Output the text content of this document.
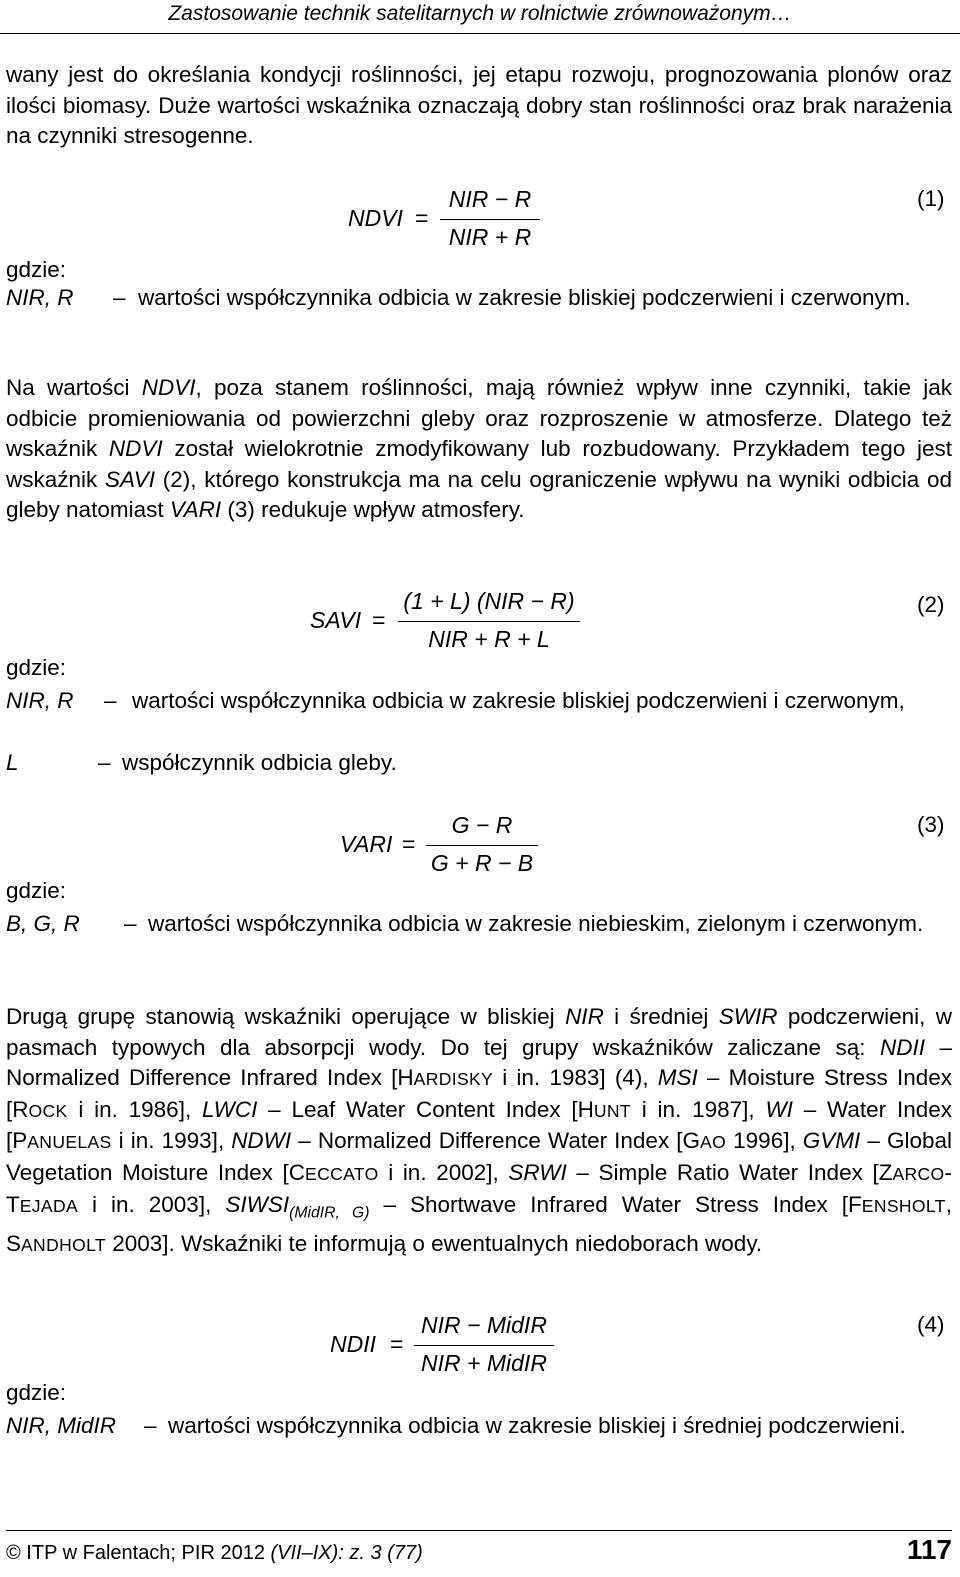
Zastosowanie technik satelitarnych w rolnictwie zrównoważonym…

wany jest do określania kondycji roślinności, jej etapu rozwoju, prognozowania plonów oraz ilości biomasy. Duże wartości wskaźnika oznaczają dobry stan roślinności oraz brak narażenia na czynniki stresogenne.

NDVI =
NIR − R
NIR + R
(1)
gdzie:
NIR, R – wartości współczynnika odbicia w zakresie bliskiej podczerwieni i czerwonym.

Na wartości NDVI, poza stanem roślinności, mają również wpływ inne czynniki, takie jak odbicie promieniowania od powierzchni gleby oraz rozproszenie w atmosferze. Dlatego też wskaźnik NDVI został wielokrotnie zmodyfikowany lub rozbudowany. Przykładem tego jest wskaźnik SAVI (2), którego konstrukcja ma na celu ograniczenie wpływu na wyniki odbicia od gleby natomiast VARI (3) redukuje wpływ atmosfery.

SAVI =
(1 + L) (NIR − R)
NIR + R + L
(2)
gdzie:
NIR, R – wartości współczynnika odbicia w zakresie bliskiej podczerwieni i czerwonym,
L	– współczynnik odbicia gleby.
VARI =
G − R
G + R − B
(3)
gdzie:
B, G, R – wartości współczynnika odbicia w zakresie niebieskim, zielonym i czerwonym.

Drugą grupę stanowią wskaźniki operujące w bliskiej NIR i średniej SWIR podczerwieni, w pasmach typowych dla absorpcji wody. Do tej grupy wskaźników zaliczane są: NDII – Normalized Difference Infrared Index [HARDISKY i in. 1983] (4), MSI – Moisture Stress Index [ROCK i in. 1986], LWCI – Leaf Water Content Index [HUNT i in. 1987], WI – Water Index [PANUELAS i in. 1993], NDWI – Normalized Difference Water Index [GAO 1996], GVMI – Global Vegetation Moisture Index [CECCATO i in. 2002], SRWI – Simple Ratio Water Index [ZARCO-TEJADA i in. 2003], $SIWSI_{(MidIR, G)}$ – Shortwave Infrared Water Stress Index [FENSHOLT, SANDHOLT 2003]. Wskaźniki te informują o ewentualnych niedoborach wody.

NDII =
NIR − MidIR
NIR + MidIR
(4)
gdzie:
NIR, MidIR – wartości współczynnika odbicia w zakresie bliskiej i średniej podczerwieni.
© ITP w Falentach; PIR 2012 (VII–IX): z. 3 (77)	117
